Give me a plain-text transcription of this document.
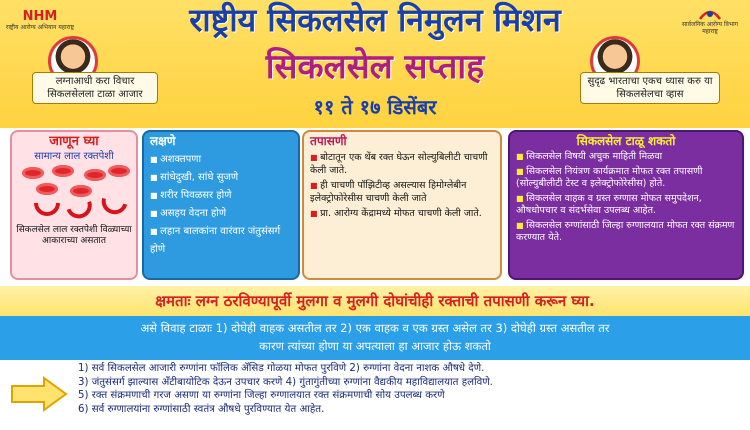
NHM
राष्ट्रीय आरोग्य अभियान महाराष्ट्र	सार्वजनिक आरोग्य विभाग महाराष्ट्र
राष्ट्रीय सिकलसेल निमुलन मिशन
सिकलसेल सप्ताह
लग्नाआधी करा विचार सिकलसेलला टाळा आजार
सुदृढ भारताचा एकच ध्यास करु या सिकलसेलचा व्हास
११ ते १७ डिसेंबर
जाणून घ्या
सामान्य लाल रक्तपेशी
सिकलसेल लाल रक्तपेशी विळ्याच्या आकाराच्या असतात
लक्षणे
■ अशक्तपणा
■ सांधेदुखी, सांधे सुजणे
■ शरीर पिवळसर होणे
■ असहय वेदना होणे
■ लहान बालकांना वारंवार जंतुसंसर्ग होणे
तपासणी
■ बोटातून एक थेंब रक्त घेऊन सोल्युबिलीटी चाचणी केली जाते.
■ ही चाचणी पॉझिटीव्ह असल्यास हिमोग्लेबीन इलेक्ट्रोफोरेसीस चाचणी केली जाते
■ प्रा. आरोग्य केंद्रामध्ये मोफत चाचणी केली जाते.
सिकलसेल टाळू शकतो
■ सिकलसेल विषयी अचुक माहिती मिळवा
■ सिकलसेल नियंत्रण कार्यक्रमात मोफत रक्त तपासणी (सोल्युबीलीटी टेस्ट व इलेक्ट्रोफोरेसीस) होते.
■ सिकलसेल वाहक व ग्रस्त रुग्णास मोफत समुपदेशन, औषधोपचार व संदर्भसेवा उपलब्ध आहेत.
■ सिकलसेल रुग्णांसाठी जिल्हा रुग्णालयात मोफत रक्त संक्रमण करण्यात येते.
क्षमताः लग्न ठरविण्यापूर्वी मुलगा व मुलगी दोघांचीही रक्ताची तपासणी करून घ्या.
असे विवाह टाळाः 1) दोघेही वाहक असतील तर 2) एक वाहक व एक ग्रस्त असेल तर 3) दोघेही ग्रस्त असतील तर
कारण त्यांच्या होणा या अपत्याला हा आजार होऊ शकतो
1) सर्व सिकलसेल आजारी रुग्णांना फॉलिक ॲसिड गोळया मोफत पुरविणे 2) रुग्णांना वेदना नाशक औषधे देणे.
3) जंतुसंसर्ग झाल्यास अँटीबायोटिक देऊन उपचार करणे 4) गुंतागुंतीच्या रुग्णांना वैद्यकीय महाविद्यालयात हलविणे.
5) रक्त संक्रमणाची गरज असणा या रुग्णांना जिल्हा रुग्णालयात रक्त संक्रमणाची सोय उपलब्ध करणे
6) सर्व रुग्णालयांना रुग्णांसाठी स्वतंत्र औषधे पुरविण्यात येत आहेत.
